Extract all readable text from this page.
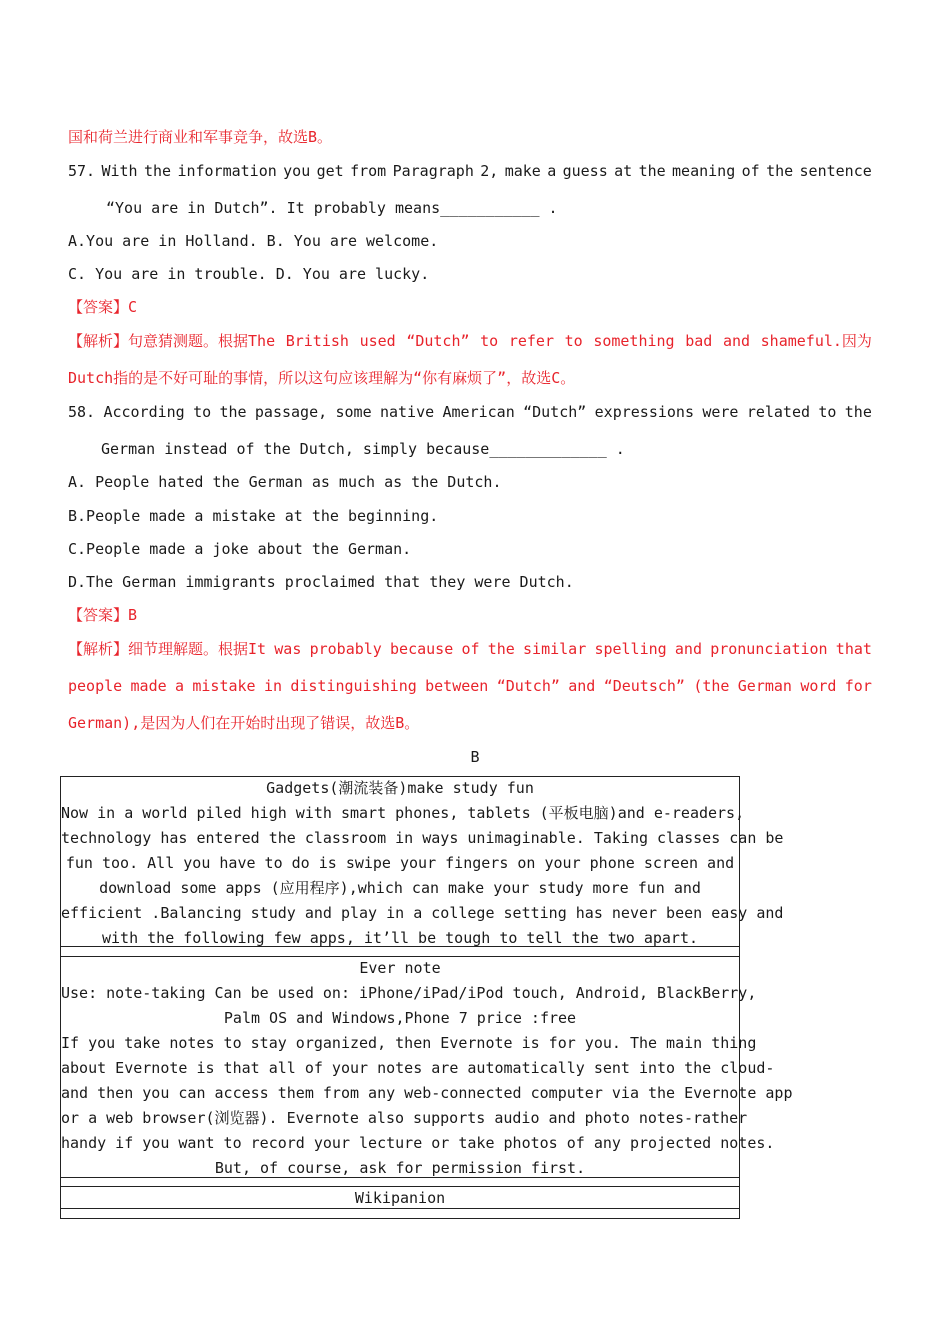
国和荷兰进行商业和军事竞争，故选B。
57. With the information you get from Paragraph 2, make a guess at the meaning of the sentence
“You are in Dutch”. It probably means___________ .
A.You are in Holland. B. You are welcome.
C. You are in trouble. D. You are lucky.
【答案】C
【解析】句意猜测题。根据The British used “Dutch” to refer to something bad and shameful.因为
Dutch指的是不好可耻的事情，所以这句应该理解为“你有麻烦了”，故选C。
58. According to the passage, some native American “Dutch” expressions were related to the
German instead of the Dutch, simply because_____________ .
A. People hated the German as much as the Dutch.
B.People made a mistake at the beginning.
C.People made a joke about the German.
D.The German immigrants proclaimed that they were Dutch.
【答案】B
【解析】细节理解题。根据It was probably because of the similar spelling and pronunciation that
people made a mistake in distinguishing between “Dutch” and “Deutsch” (the German word for
German),是因为人们在开始时出现了错误，故选B。
B
Gadgets(潮流装备)make study fun
Now in a world piled high with smart phones, tablets (平板电脑)and e-readers,
technology has entered the classroom in ways unimaginable. Taking classes can be
fun too. All you have to do is swipe your fingers on your phone screen and
download some apps (应用程序),which can make your study more fun and
efficient .Balancing study and play in a college setting has never been easy and
with the following few apps, it’ll be tough to tell the two apart.
Ever note
Use: note-taking Can be used on: iPhone/iPad/iPod touch, Android, BlackBerry,
Palm OS and Windows,Phone 7 price :free
If you take notes to stay organized, then Evernote is for you. The main thing
about Evernote is that all of your notes are automatically sent into the cloud-
and then you can access them from any web-connected computer via the Evernote app
or a web browser(浏览器). Evernote also supports audio and photo notes-rather
handy if you want to record your lecture or take photos of any projected notes.
But, of course, ask for permission first.
Wikipanion
